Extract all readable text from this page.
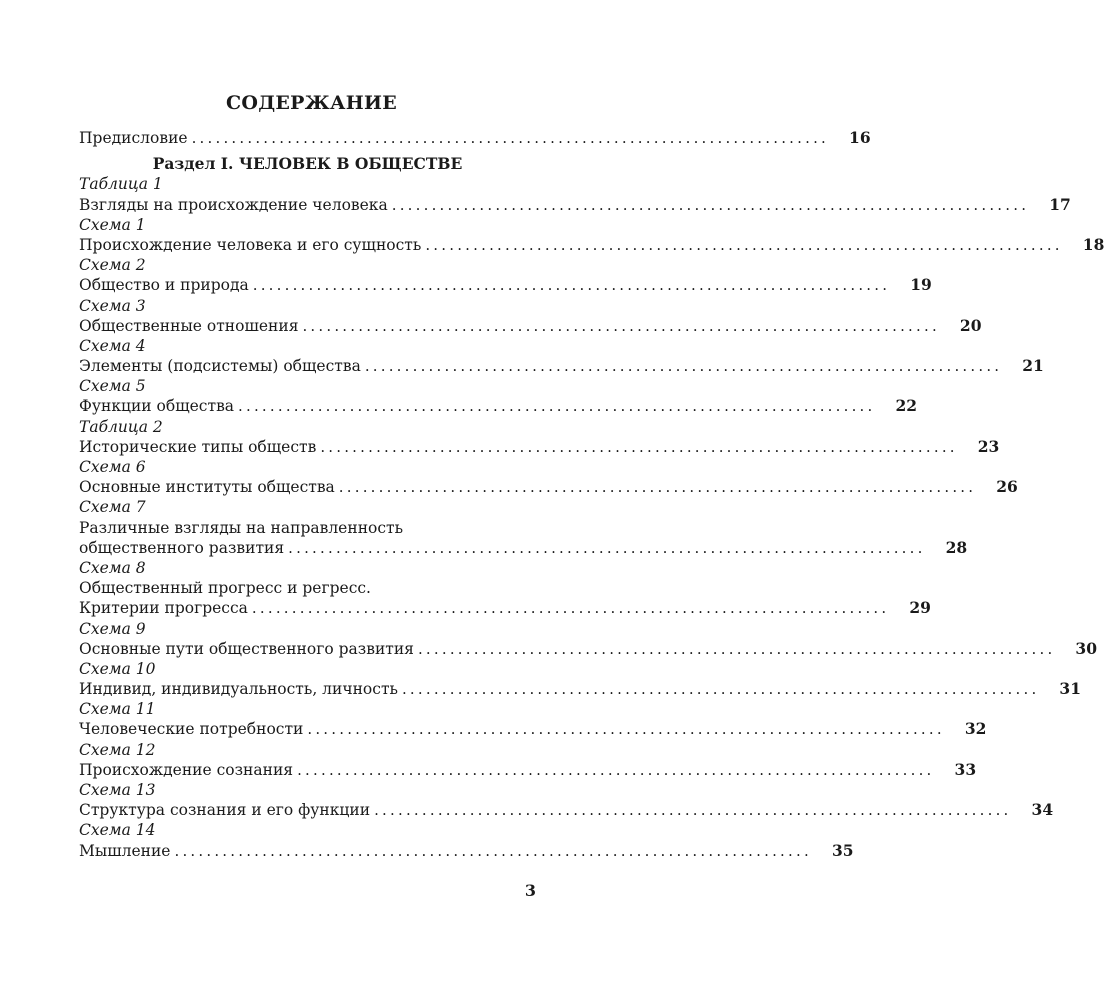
СОДЕРЖАНИЕ
Предисловие ................................................................................ 16
Раздел I. ЧЕЛОВЕК В ОБЩЕСТВЕ
Таблица 1
Взгляды на происхождение человека ................................................................................ 17
Схема 1
Происхождение человека и его сущность ................................................................................ 18
Схема 2
Общество и природа ................................................................................ 19
Схема 3
Общественные отношения ................................................................................ 20
Схема 4
Элементы (подсистемы) общества ................................................................................ 21
Схема 5
Функции общества ................................................................................ 22
Таблица 2
Исторические типы обществ ................................................................................ 23
Схема 6
Основные институты общества ................................................................................ 26
Схема 7
Различные взгляды на направленность
общественного развития ................................................................................ 28
Схема 8
Общественный прогресс и регресс.
Критерии прогресса ................................................................................ 29
Схема 9
Основные пути общественного развития ................................................................................ 30
Схема 10
Индивид, индивидуальность, личность ................................................................................ 31
Схема 11
Человеческие потребности ................................................................................ 32
Схема 12
Происхождение сознания ................................................................................ 33
Схема 13
Структура сознания и его функции ................................................................................ 34
Схема 14
Мышление ................................................................................ 35
3
